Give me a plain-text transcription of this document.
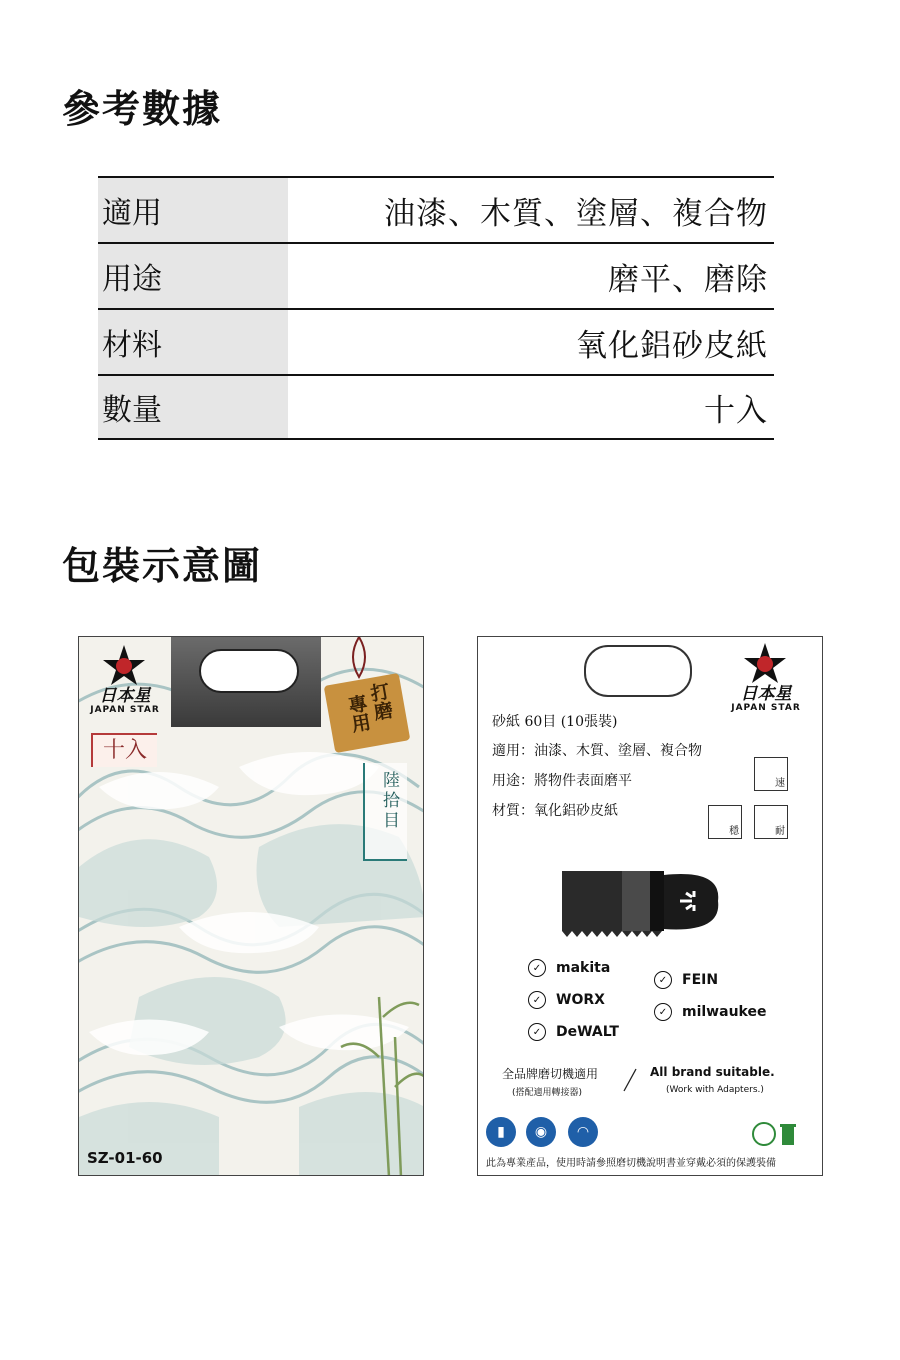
參考數據
適用	油漆、木質、塗層、複合物
用途	磨平、磨除
材料	氧化鋁砂皮紙
數量	十入
包裝示意圖
日本星
JAPAN STAR
十入
打磨
專用
陸拾目
SZ-01-60
日本星
JAPAN STAR
砂紙 60目 (10張裝)
適用：油漆、木質、塗層、複合物
用途：將物件表面磨平
材質：氧化鋁砂皮紙
速
穩	耐
✓	makita
✓	WORX
✓	DeWALT
✓	FEIN
✓	milwaukee
全品牌磨切機適用
(搭配適用轉接器)
All brand suitable.
(Work with Adapters.)
▮	◉	◠
此為專業產品，使用時請參照磨切機說明書並穿戴必須的保護裝備
